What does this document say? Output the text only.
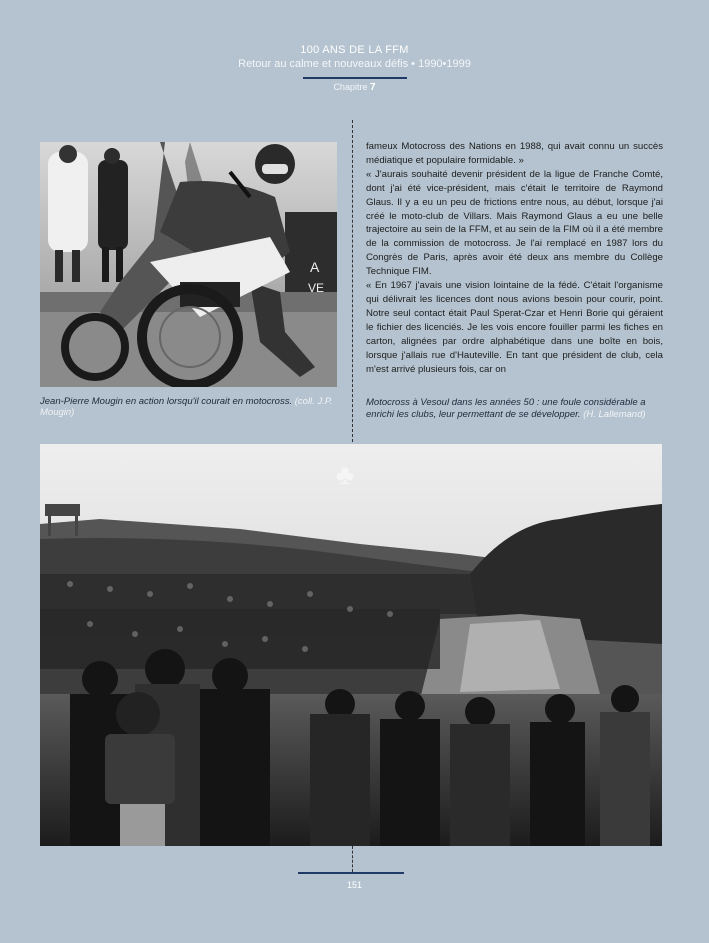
100 ANS DE LA FFM
Retour au calme et nouveaux défis • 1990•1999
Chapitre 7
A
VE
Jean-Pierre Mougin en action lorsqu'il courait en motocross. (coll. J.P. Mougin)

fameux Motocross des Nations en 1988, qui avait connu un succès médiatique et populaire formidable. »

« J'aurais souhaité devenir président de la ligue de Franche Comté, dont j'ai été vice-président, mais c'était le territoire de Raymond Glaus. Il y a eu un peu de frictions entre nous, au début, lorsque j'ai créé le moto-club de Villars. Mais Raymond Glaus a eu une belle trajectoire au sein de la FFM, et au sein de la FIM où il a été membre de la commission de motocross. Je l'ai remplacé en 1987 lors du Congrès de Paris, après avoir été deux ans membre du Collège Technique FIM.

« En 1967 j'avais une vision lointaine de la fédé. C'était l'organisme qui délivrait les licences dont nous avions besoin pour courir, point. Notre seul contact était Paul Sperat-Czar et Henri Borie qui géraient le fichier des licenciés. Je les vois encore fouiller parmi les fiches en carton, alignées par ordre alphabétique dans une boîte en bois, lorsque j'allais rue d'Hauteville. En tant que président de club, cela m'est arrivé plusieurs fois, car on

Motocross à Vesoul dans les années 50 : une foule considérable a enrichi les clubs, leur permettant de se développer. (H. Lallemand)
♣
151
